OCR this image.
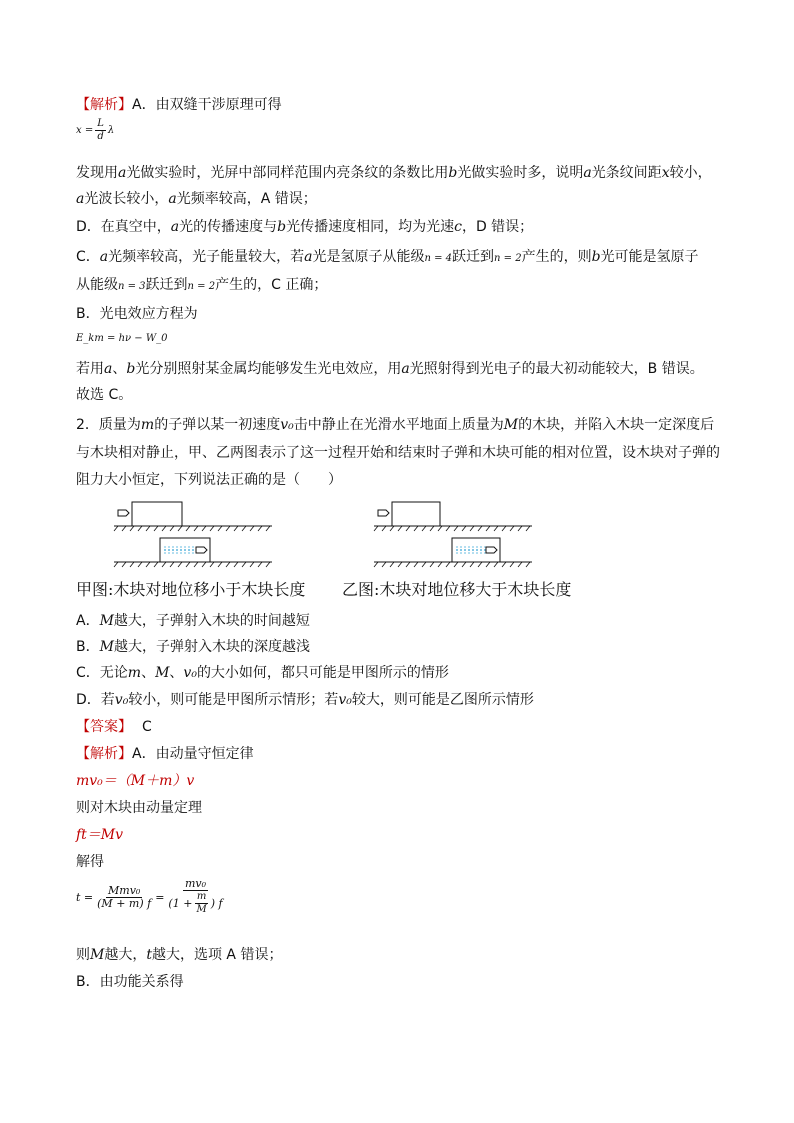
【解析】A．由双缝干涉原理可得
$x = \frac{L}{d}$ λ
发现用a光做实验时，光屏中部同样范围内亮条纹的条数比用b光做实验时多，说明a光条纹间距x较小，
a光波长较小，a光频率较高，A 错误；
D．在真空中，a光的传播速度与b光传播速度相同，均为光速c，D 错误；
C．a光频率较高，光子能量较大，若a光是氢原子从能级n = 4跃迁到n = 2产生的，则b光可能是氢原子
从能级n = 3跃迁到n = 2产生的，C 正确；
B．光电效应方程为
E_km = hν − W_0
若用a、b光分别照射某金属均能够发生光电效应，用a光照射得到光电子的最大初动能较大，B 错误。
故选 C。
2．质量为m的子弹以某一初速度v₀击中静止在光滑水平地面上质量为M的木块，并陷入木块一定深度后
与木块相对静止，甲、乙两图表示了这一过程开始和结束时子弹和木块可能的相对位置，设木块对子弹的
阻力大小恒定，下列说法正确的是（　　）
甲图:木块对地位移小于木块长度 乙图:木块对地位移大于木块长度
A．M越大，子弹射入木块的时间越短
B．M越大，子弹射入木块的深度越浅
C．无论m、M、v₀的大小如何，都只可能是甲图所示的情形
D．若v₀较小，则可能是甲图所示情形；若v₀较大，则可能是乙图所示情形
【答案】 C
【解析】A．由动量守恒定律
mv₀＝（M＋m）v
则对木块由动量定理
ft＝Mv
解得
$t = \frac{\text{Mmv₀}}{(M + m) f} = \frac{\text{mv₀}}{(1 + \frac{m}{M} ) f}$
则M越大，t越大，选项 A 错误；
B．由功能关系得
